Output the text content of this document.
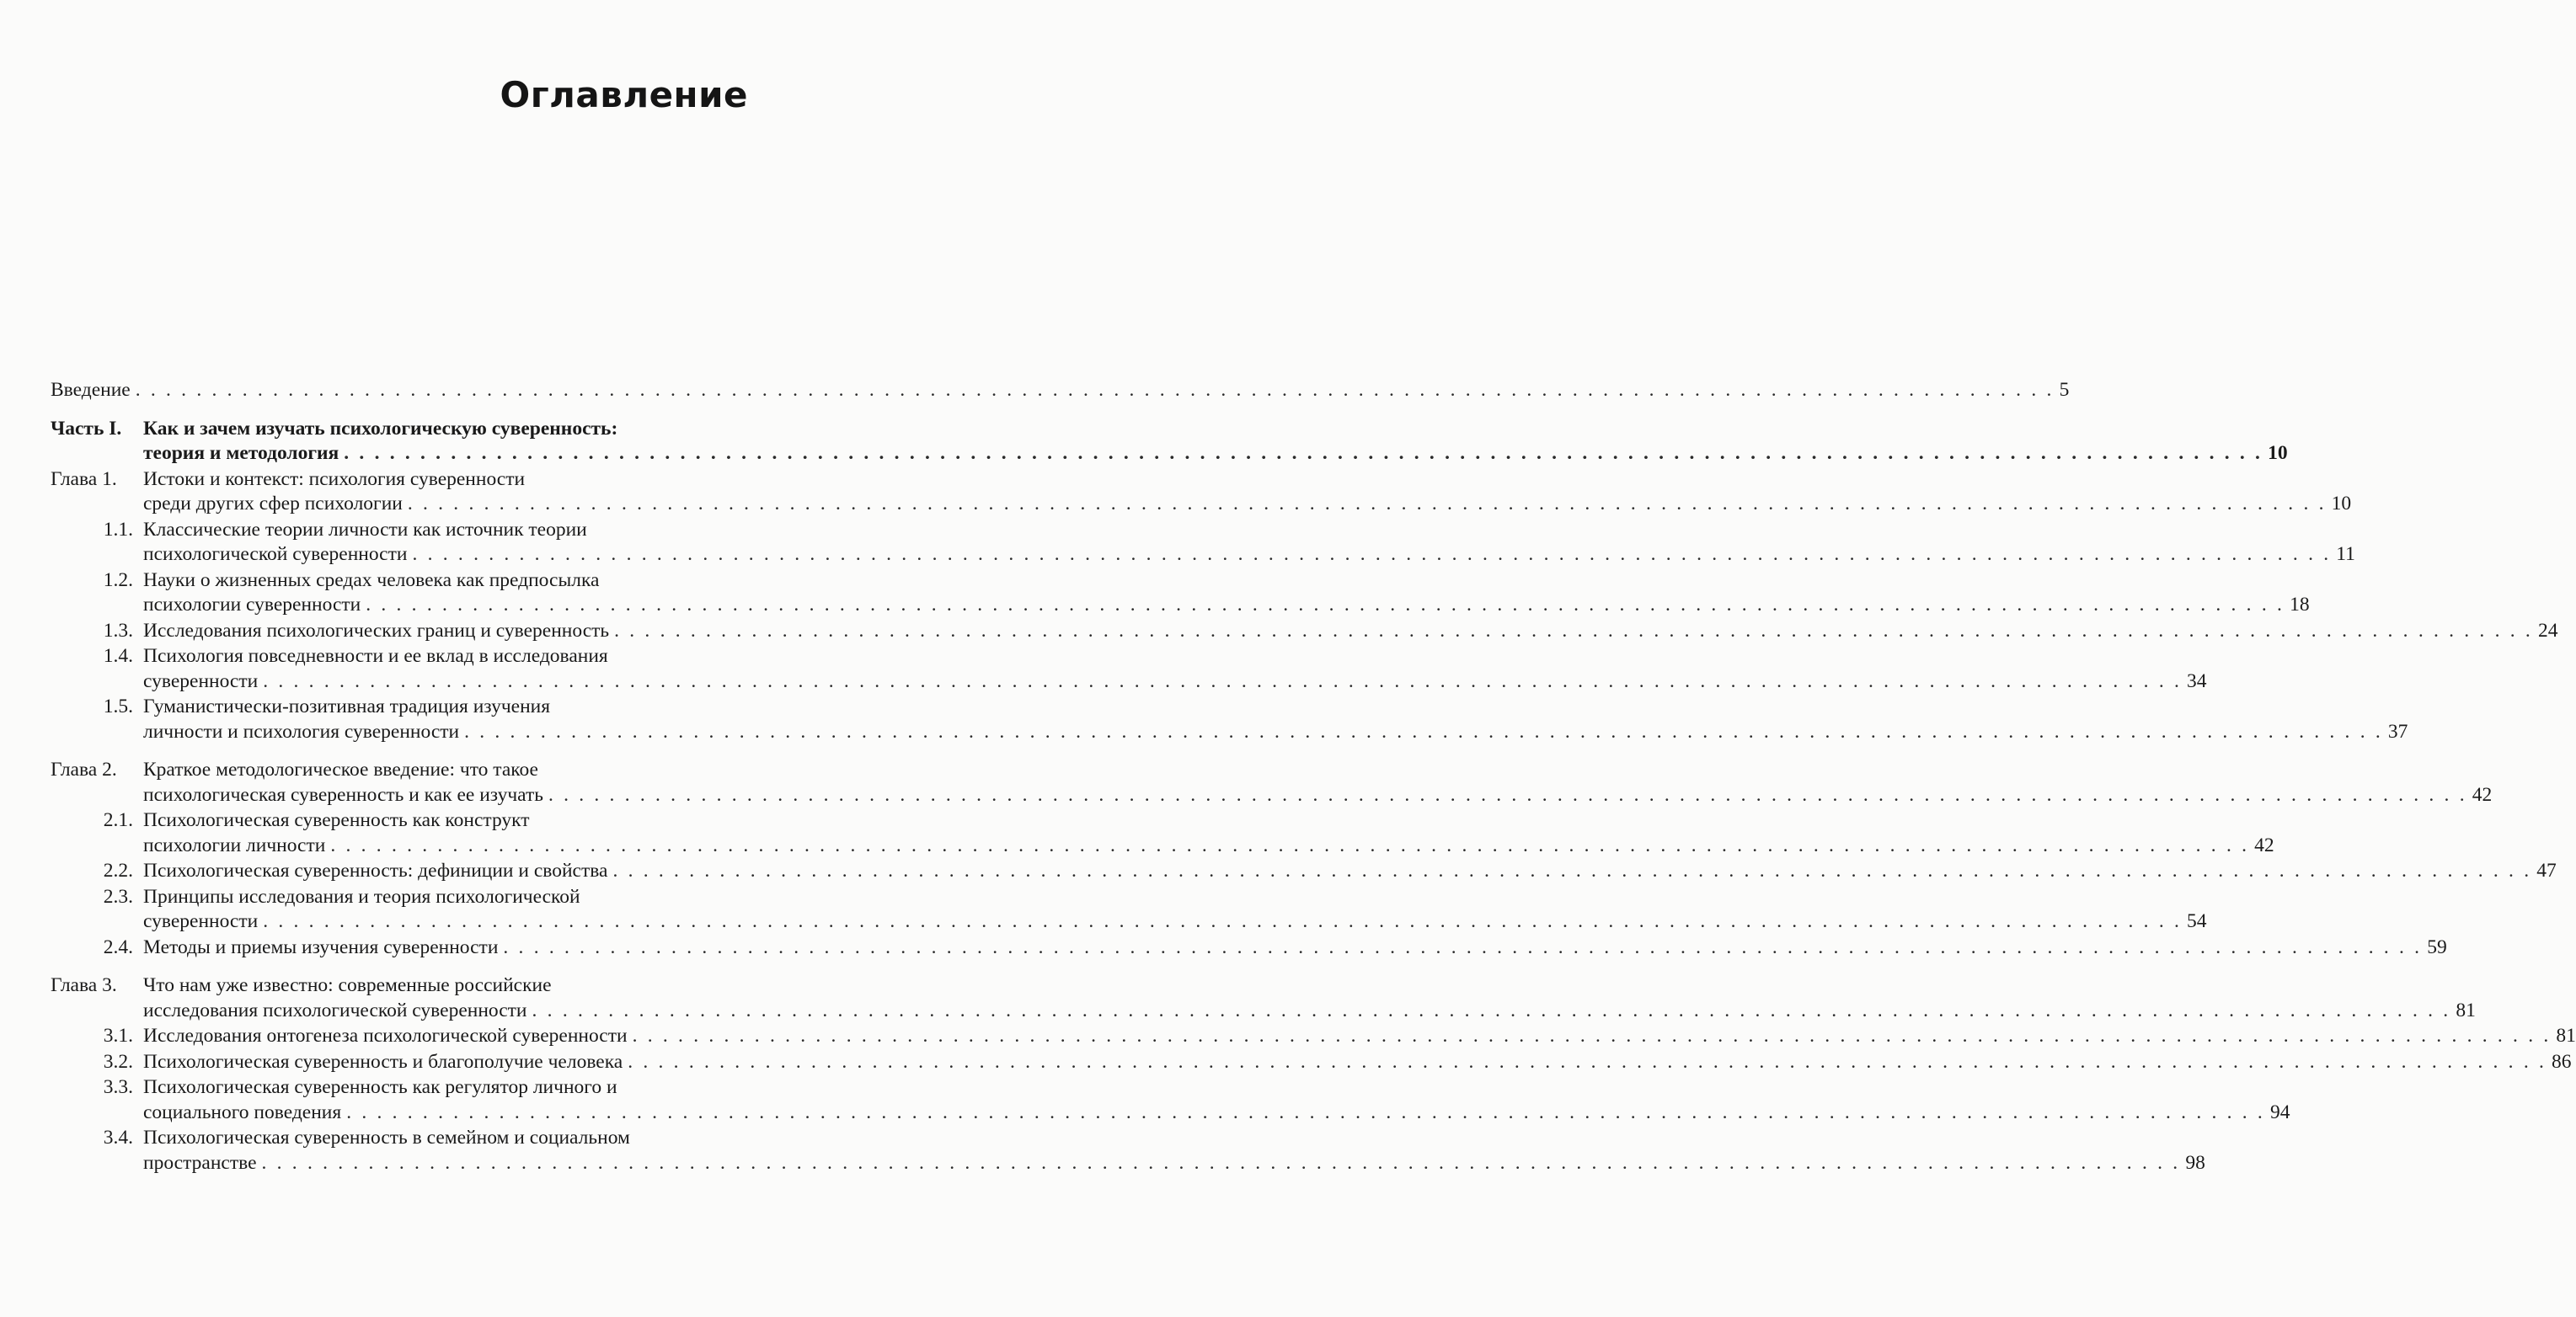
Оглавление
Введение . . .	5
Часть I.	Как и зачем изучать психологическую суверенность:
теория и методология . . .	10
Глава 1.	Истоки и контекст: психология суверенности
среди других сфер психологии . . .	10
1.1. Классические теории личности как источник теории
психологической суверенности . . .	11
1.2. Науки о жизненных средах человека как предпосылка
психологии суверенности . . .	18
1.3. Исследования психологических границ и суверенность . . .	24
1.4. Психология повседневности и ее вклад в исследования
суверенности . . .	34
1.5. Гуманистически-позитивная традиция изучения
личности и психология суверенности . . .	37
Глава 2.	Краткое методологическое введение: что такое
психологическая суверенность и как ее изучать . . .	42
2.1. Психологическая суверенность как конструкт
психологии личности . . .	42
2.2. Психологическая суверенность: дефиниции и свойства . . .	47
2.3. Принципы исследования и теория психологической
суверенности . . .	54
2.4. Методы и приемы изучения суверенности . . .	59
Глава 3.	Что нам уже известно: современные российские
исследования психологической суверенности . . .	81
3.1. Исследования онтогенеза психологической суверенности . . .	81
3.2. Психологическая суверенность и благополучие человека . . .	86
3.3. Психологическая суверенность как регулятор личного и
социального поведения . . .	94
3.4. Психологическая суверенность в семейном и социальном
пространстве . . .	98
